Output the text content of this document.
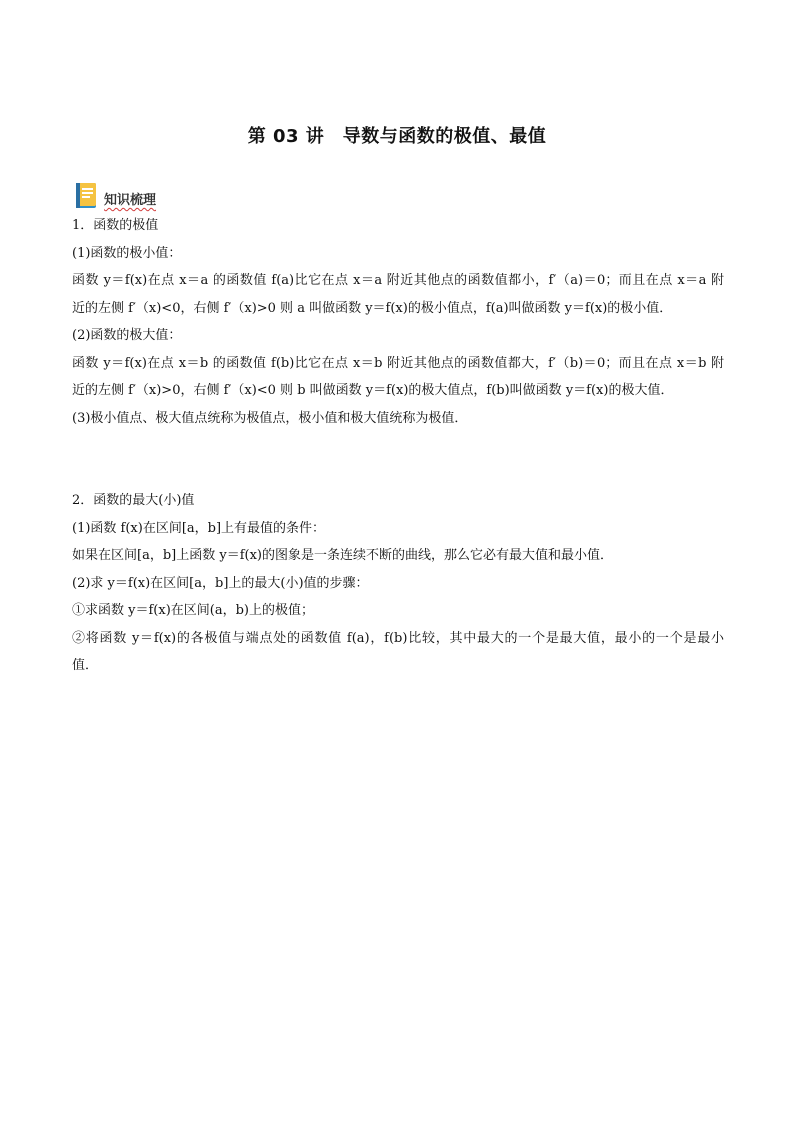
第 03 讲　导数与函数的极值、最值
知识梳理
1．函数的极值
(1)函数的极小值：
函数 y＝f(x)在点 x＝a 的函数值 f(a)比它在点 x＝a 附近其他点的函数值都小，f′（a)＝0；而且在点 x＝a 附
近的左侧 f′（x)<0，右侧 f′（x)>0 则 a 叫做函数 y＝f(x)的极小值点，f(a)叫做函数 y＝f(x)的极小值．
(2)函数的极大值：
函数 y＝f(x)在点 x＝b 的函数值 f(b)比它在点 x＝b 附近其他点的函数值都大，f′（b)＝0；而且在点 x＝b 附
近的左侧 f′（x)>0，右侧 f′（x)<0 则 b 叫做函数 y＝f(x)的极大值点，f(b)叫做函数 y＝f(x)的极大值．
(3)极小值点、极大值点统称为极值点，极小值和极大值统称为极值．
2．函数的最大(小)值
(1)函数 f(x)在区间[a，b]上有最值的条件：
如果在区间[a，b]上函数 y＝f(x)的图象是一条连续不断的曲线，那么它必有最大值和最小值．
(2)求 y＝f(x)在区间[a，b]上的最大(小)值的步骤：
①求函数 y＝f(x)在区间(a，b)上的极值；
②将函数 y＝f(x)的各极值与端点处的函数值 f(a)，f(b)比较，其中最大的一个是最大值，最小的一个是最小
值．
